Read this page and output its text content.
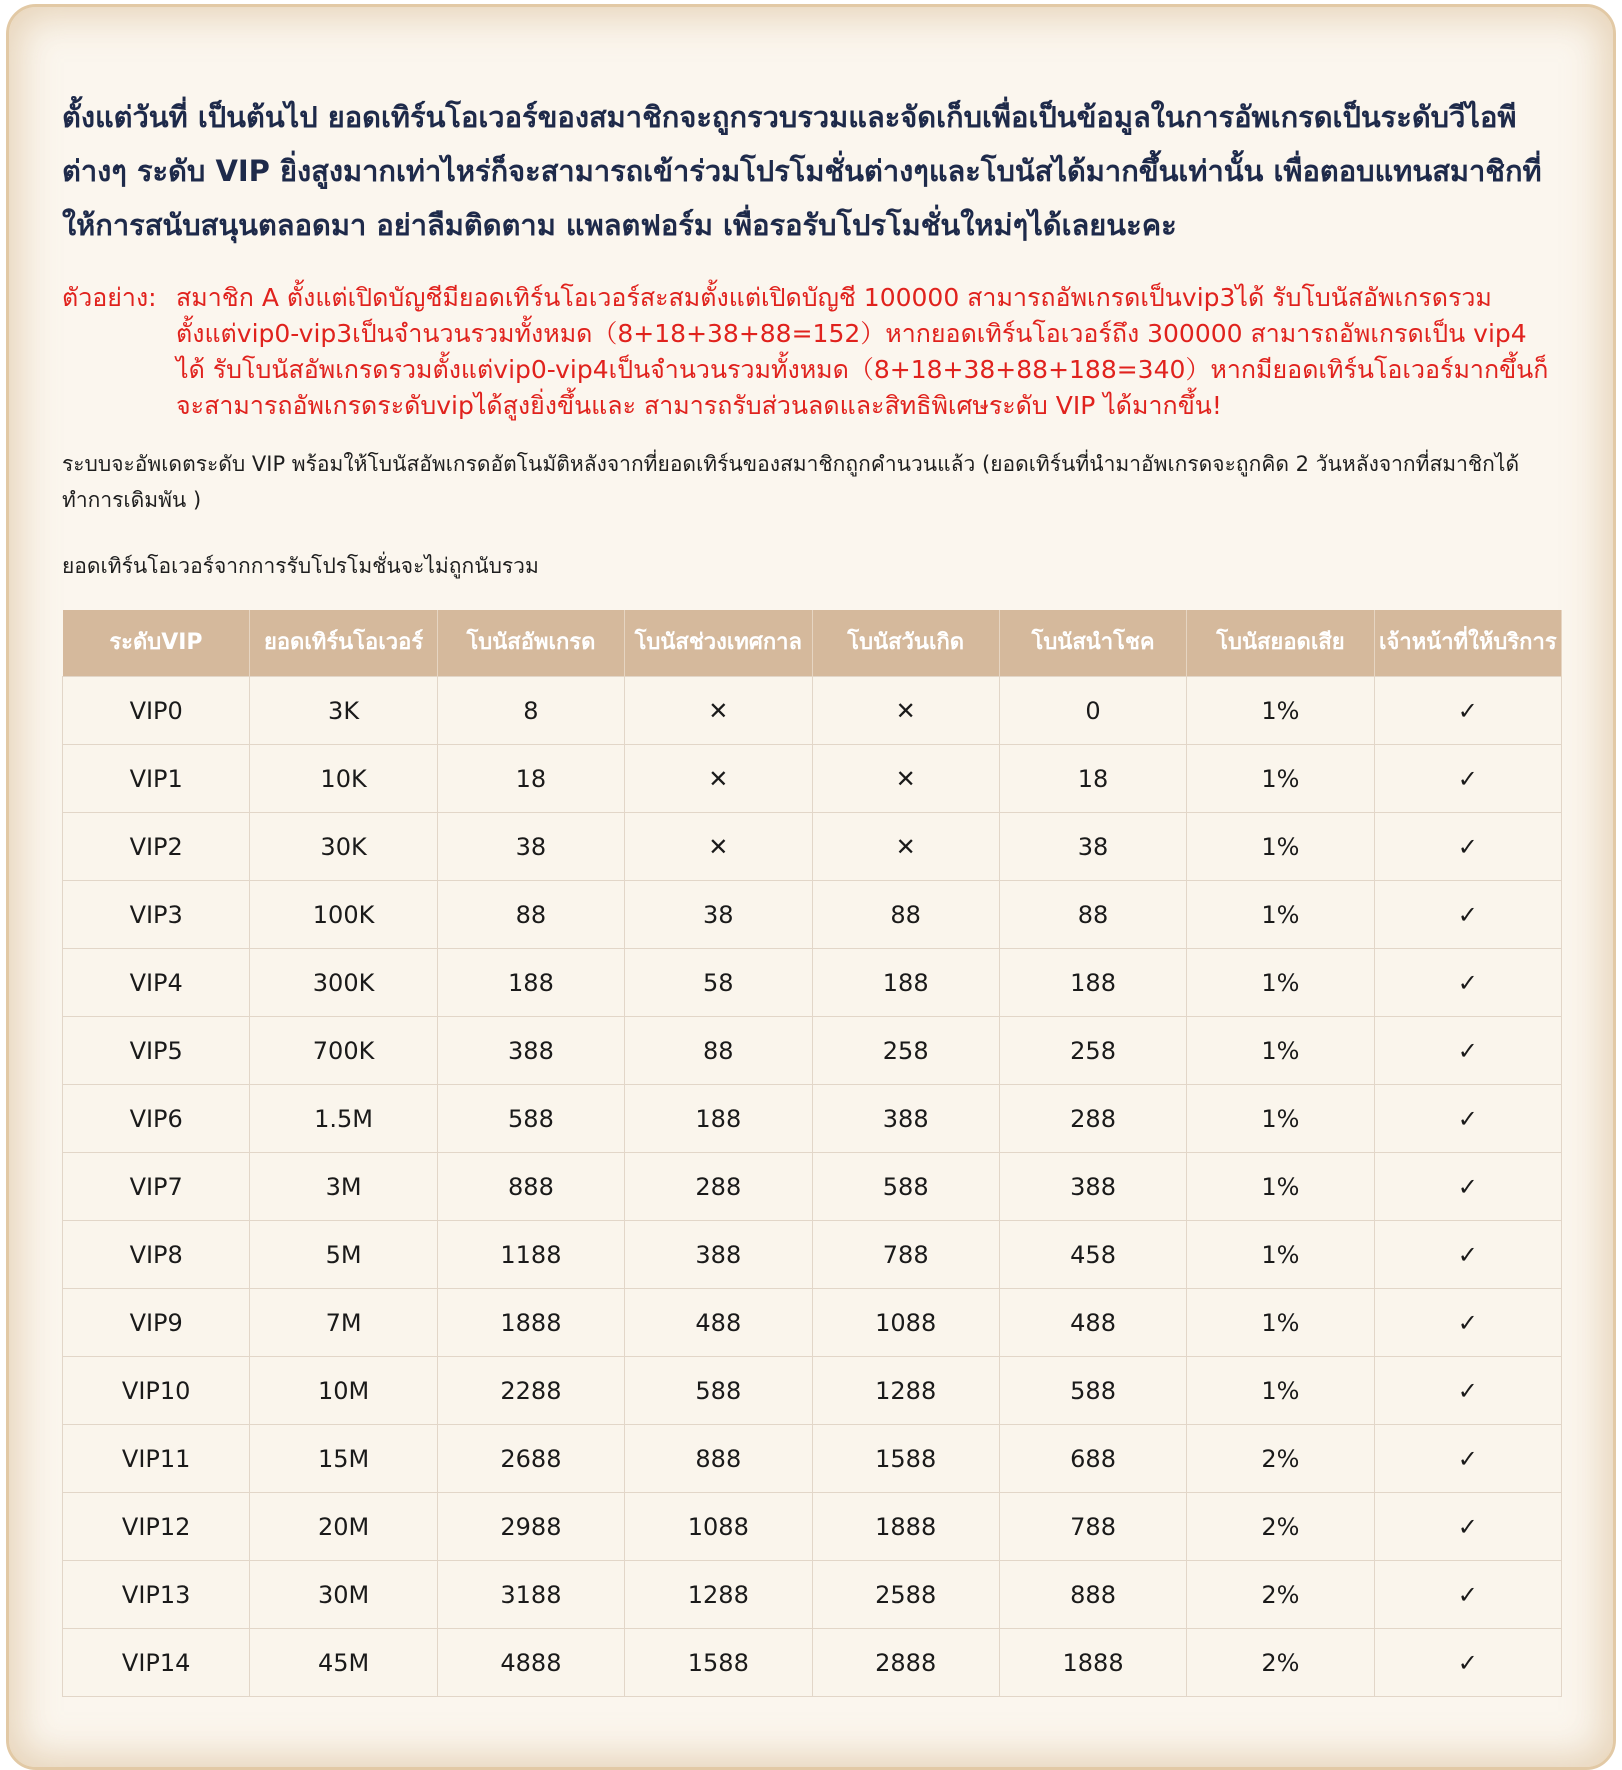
ตั้งแต่วันที่ เป็นต้นไป ยอดเทิร์นโอเวอร์ของสมาชิกจะถูกรวบรวมและจัดเก็บเพื่อเป็นข้อมูลในการอัพเกรดเป็นระดับวีไอพีต่างๆ ระดับ VIP ยิ่งสูงมากเท่าไหร่ก็จะสามารถเข้าร่วมโปรโมชั่นต่างๆและโบนัสได้มากขึ้นเท่านั้น เพื่อตอบแทนสมาชิกที่ให้การสนับสนุนตลอดมา อย่าลืมติดตาม แพลตฟอร์ม เพื่อรอรับโปรโมชั่นใหม่ๆได้เลยนะคะ

ตัวอย่าง: สมาชิก A ตั้งแต่เปิดบัญชีมียอดเทิร์นโอเวอร์สะสมตั้งแต่เปิดบัญชี 100000 สามารถอัพเกรดเป็นvip3ได้ รับโบนัสอัพเกรดรวมตั้งแต่vip0-vip3เป็นจำนวนรวมทั้งหมด（8+18+38+88=152）หากยอดเทิร์นโอเวอร์ถึง 300000 สามารถอัพเกรดเป็น vip4 ได้ รับโบนัสอัพเกรดรวมตั้งแต่vip0-vip4เป็นจำนวนรวมทั้งหมด（8+18+38+88+188=340）หากมียอดเทิร์นโอเวอร์มากขึ้นก็จะสามารถอัพเกรดระดับvipได้สูงยิ่งขึ้นและ สามารถรับส่วนลดและสิทธิพิเศษระดับ VIP ได้มากขึ้น!

ระบบจะอัพเดตระดับ VIP พร้อมให้โบนัสอัพเกรดอัตโนมัติหลังจากที่ยอดเทิร์นของสมาชิกถูกคำนวนแล้ว (ยอดเทิร์นที่นำมาอัพเกรดจะถูกคิด 2 วันหลังจากที่สมาชิกได้ทำการเดิมพัน )

ยอดเทิร์นโอเวอร์จากการรับโปรโมชั่นจะไม่ถูกนับรวม

ระดับVIP	ยอดเทิร์นโอเวอร์	โบนัสอัพเกรด	โบนัสช่วงเทศกาล	โบนัสวันเกิด	โบนัสนำโชค	โบนัสยอดเสีย	เจ้าหน้าที่ให้บริการ
VIP0	3K	8	✕	✕	0	1%	✓
VIP1	10K	18	✕	✕	18	1%	✓
VIP2	30K	38	✕	✕	38	1%	✓
VIP3	100K	88	38	88	88	1%	✓
VIP4	300K	188	58	188	188	1%	✓
VIP5	700K	388	88	258	258	1%	✓
VIP6	1.5M	588	188	388	288	1%	✓
VIP7	3M	888	288	588	388	1%	✓
VIP8	5M	1188	388	788	458	1%	✓
VIP9	7M	1888	488	1088	488	1%	✓
VIP10	10M	2288	588	1288	588	1%	✓
VIP11	15M	2688	888	1588	688	2%	✓
VIP12	20M	2988	1088	1888	788	2%	✓
VIP13	30M	3188	1288	2588	888	2%	✓
VIP14	45M	4888	1588	2888	1888	2%	✓
